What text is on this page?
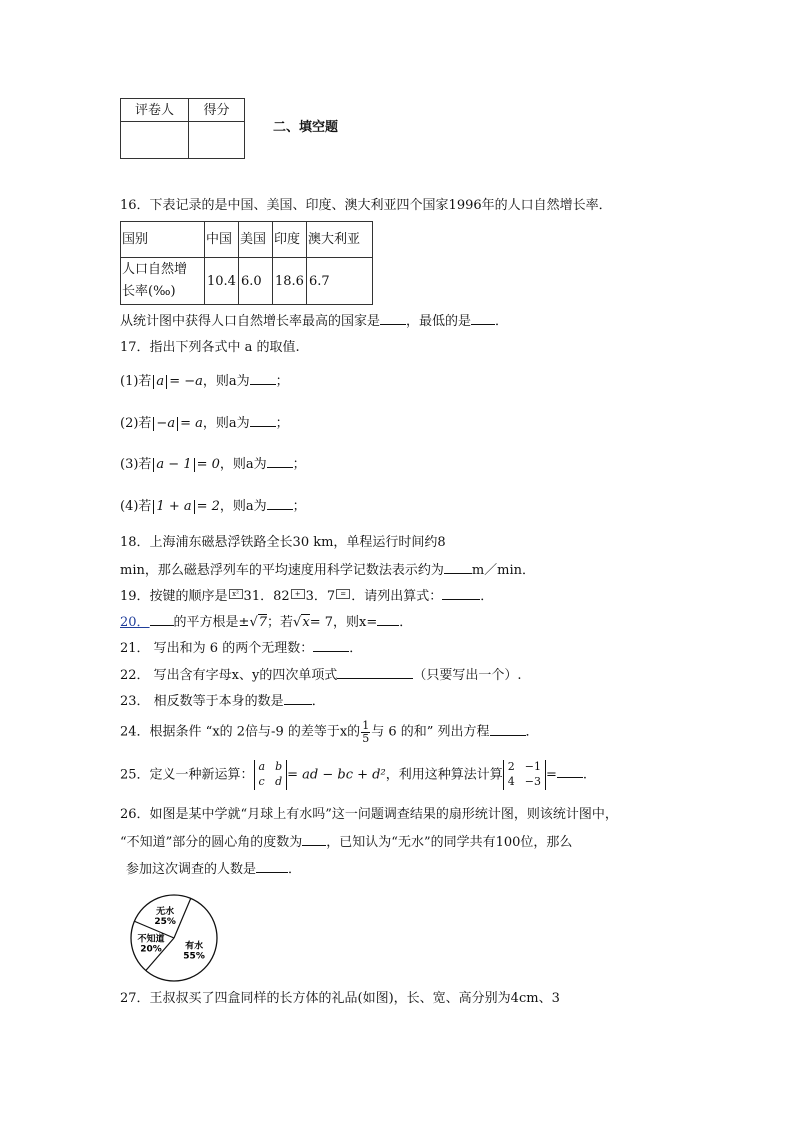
评卷人	得分

二、填空题
16．下表记录的是中国、美国、印度、澳大利亚四个国家1996年的人口自然增长率．
国别	中国	美国	印度	澳大利亚

人口自然增
长率(‰)	10.4	6.0	18.6	6.7
从统计图中获得人口自然增长率最高的国家是 ，最低的是 ．
17．指出下列各式中 a 的取值.
(1)若 a = −a，则a为 ；
(2)若 −a = a，则a为 ；
(3)若 a − 1 = 0，则a为 ；
(4)若 1 + a = 2，则a为 ；
18．上海浦东磁悬浮铁路全长30 km，单程运行时间约8
min，那么磁悬浮列车的平均速度用科学记数法表示约为 m／min．
19．按键的顺序是 x² 31．82 + 3．7 = ．请列出算式：	．
20． 的平方根是±√7；若√x= 7，则x= ．
21． 写出和为 6 的两个无理数：	．
22． 写出含有字母x、y的四次单项式	（只要写出一个）.
23． 相反数等于本身的数是 ．
24．根据条件 “x的 2倍与-9 的差等于x的 $\frac{1}{5}$ 与 6 的和” 列出方程	．
25．定义一种新运算：
a b
c d = ad − bc + d²，利用这种算法计算
2 −1
4 −3 = .
26．如图是某中学就“月球上有水吗”这一问题调查结果的扇形统计图，则该统计图中，
“不知道”部分的圆心角的度数为 ，已知认为“无水”的同学共有100位，那么
参加这次调查的人数是 ．
有水
55%
不知道
20%
无水
25%
27．王叔叔买了四盒同样的长方体的礼品(如图)，长、宽、高分别为4cm、3
